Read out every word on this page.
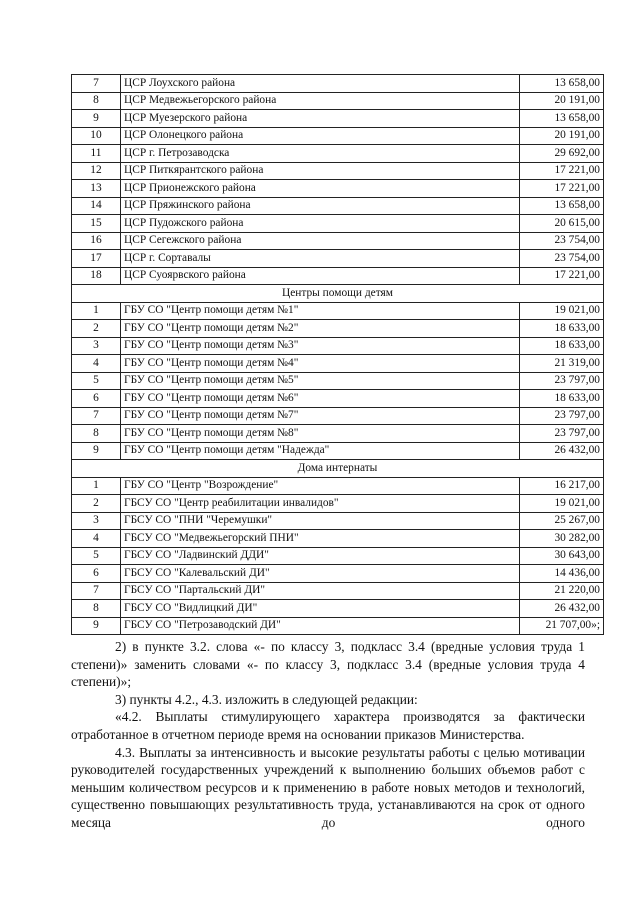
7	ЦСР Лоухского района	13 658,00
8	ЦСР Медвежьегорского района	20 191,00
9	ЦСР Муезерского района	13 658,00
10	ЦСР Олонецкого района	20 191,00
11	ЦСР г. Петрозаводска	29 692,00
12	ЦСР Питкярантского района	17 221,00
13	ЦСР Прионежского района	17 221,00
14	ЦСР Пряжинского района	13 658,00
15	ЦСР Пудожского района	20 615,00
16	ЦСР Сегежского района	23 754,00
17	ЦСР г. Сортавалы	23 754,00
18	ЦСР Суоярвского района	17 221,00
Центры помощи детям		
1	ГБУ СО "Центр помощи детям №1"	19 021,00
2	ГБУ СО "Центр помощи детям №2"	18 633,00
3	ГБУ СО "Центр помощи детям №3"	18 633,00
4	ГБУ СО "Центр помощи детям №4"	21 319,00
5	ГБУ СО "Центр помощи детям №5"	23 797,00
6	ГБУ СО "Центр помощи детям №6"	18 633,00
7	ГБУ СО "Центр помощи детям №7"	23 797,00
8	ГБУ СО "Центр помощи детям №8"	23 797,00
9	ГБУ СО "Центр помощи детям "Надежда"	26 432,00
Дома интернаты		
1	ГБУ СО "Центр "Возрождение"	16 217,00
2	ГБСУ СО "Центр реабилитации инвалидов"	19 021,00
3	ГБСУ СО "ПНИ "Черемушки"	25 267,00
4	ГБСУ СО "Медвежьегорский ПНИ"	30 282,00
5	ГБСУ СО "Ладвинский ДДИ"	30 643,00
6	ГБСУ СО "Калевальский ДИ"	14 436,00
7	ГБСУ СО "Партальский ДИ"	21 220,00
8	ГБСУ СО "Видлицкий ДИ"	26 432,00
9	ГБСУ СО "Петрозаводский ДИ"	21 707,00»;

2) в пункте 3.2. слова «- по классу 3, подкласс 3.4 (вредные условия труда 1 степени)» заменить словами «- по классу 3, подкласс 3.4 (вредные условия труда 4 степени)»;

3) пункты 4.2., 4.3. изложить в следующей редакции:

«4.2. Выплаты стимулирующего характера производятся за фактически отработанное в отчетном периоде время на основании приказов Министерства.

4.3. Выплаты за интенсивность и высокие результаты работы с целью мотивации руководителей государственных учреждений к выполнению больших объемов работ с меньшим количеством ресурсов и к применению в работе новых методов и технологий, существенно повышающих результативность труда, устанавливаются на срок от одного месяца до одного
